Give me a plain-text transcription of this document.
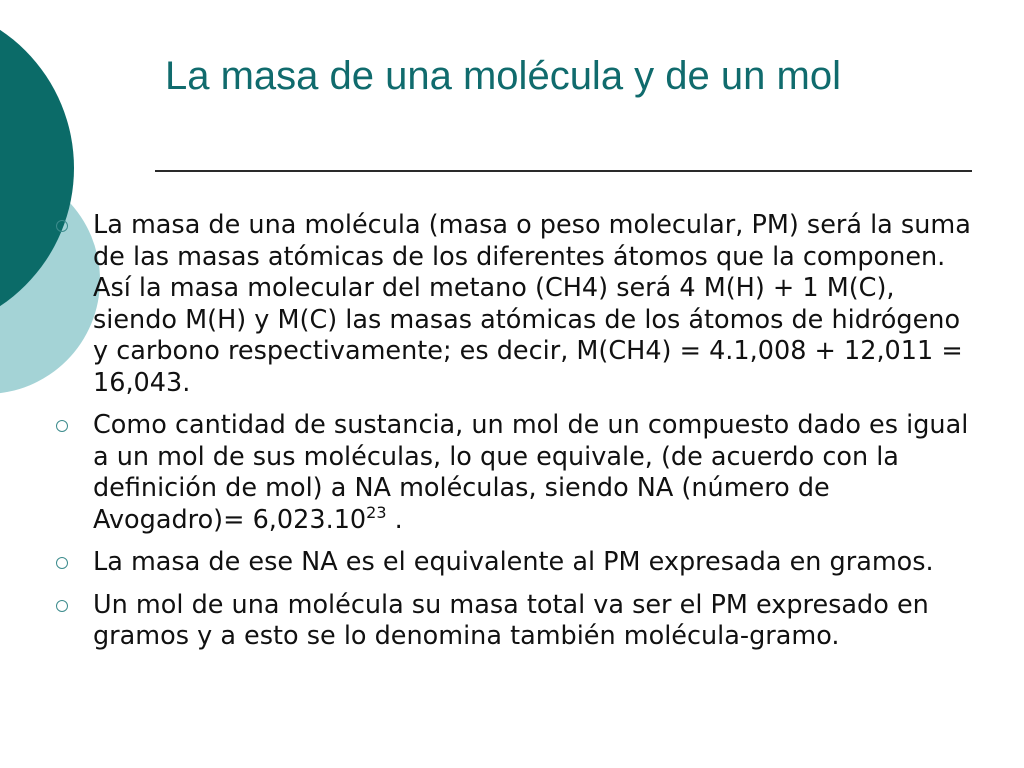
La masa de una molécula y de un mol
La masa de una molécula (masa o peso molecular, PM) será la suma de las masas atómicas de los diferentes átomos que la componen. Así la masa molecular del metano (CH4) será 4 M(H) + 1 M(C), siendo M(H) y M(C) las masas atómicas de los átomos de hidrógeno y carbono respectivamente; es decir, M(CH4) = 4.1,008 + 12,011 = 16,043.
Como cantidad de sustancia, un mol de un compuesto dado es igual a un mol de sus moléculas, lo que equivale, (de acuerdo con la definición de mol) a NA moléculas, siendo NA (número de Avogadro)= $6,023.10^{23}$ .
La masa de ese NA es el equivalente al PM expresada en gramos.
Un mol de una molécula su masa total va ser el PM expresado en gramos y a esto se lo denomina también molécula-gramo.
